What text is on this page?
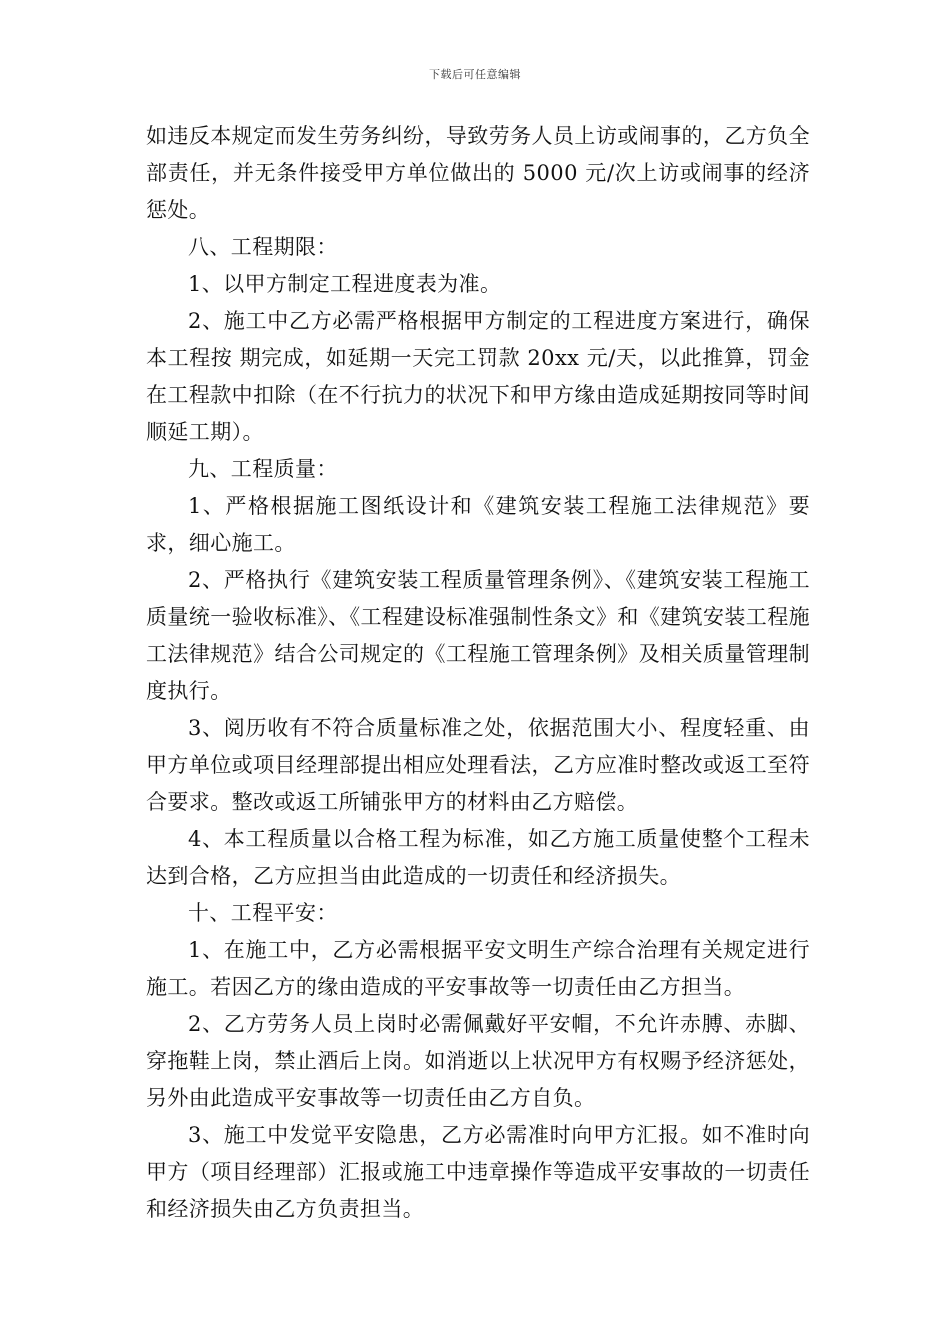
下载后可任意编辑

如违反本规定而发生劳务纠纷，导致劳务人员上访或闹事的，乙方负全部责任，并无条件接受甲方单位做出的 5000 元/次上访或闹事的经济惩处。

八、工程期限：

1、以甲方制定工程进度表为准。

2、施工中乙方必需严格根据甲方制定的工程进度方案进行，确保本工程按 期完成，如延期一天完工罚款 20xx 元/天，以此推算，罚金在工程款中扣除（在不行抗力的状况下和甲方缘由造成延期按同等时间顺延工期）。

九、工程质量：

1、严格根据施工图纸设计和《建筑安装工程施工法律规范》要求，细心施工。

2、严格执行《建筑安装工程质量管理条例》、《建筑安装工程施工质量统一验收标准》、《工程建设标准强制性条文》和《建筑安装工程施工法律规范》结合公司规定的《工程施工管理条例》及相关质量管理制度执行。

3、阅历收有不符合质量标准之处，依据范围大小、程度轻重、由甲方单位或项目经理部提出相应处理看法，乙方应准时整改或返工至符合要求。整改或返工所铺张甲方的材料由乙方赔偿。

4、本工程质量以合格工程为标准，如乙方施工质量使整个工程未达到合格，乙方应担当由此造成的一切责任和经济损失。

十、工程平安：

1、在施工中，乙方必需根据平安文明生产综合治理有关规定进行施工。若因乙方的缘由造成的平安事故等一切责任由乙方担当。

2、乙方劳务人员上岗时必需佩戴好平安帽，不允许赤膊、赤脚、穿拖鞋上岗，禁止酒后上岗。如消逝以上状况甲方有权赐予经济惩处，另外由此造成平安事故等一切责任由乙方自负。

3、施工中发觉平安隐患，乙方必需准时向甲方汇报。如不准时向甲方（项目经理部）汇报或施工中违章操作等造成平安事故的一切责任和经济损失由乙方负责担当。
